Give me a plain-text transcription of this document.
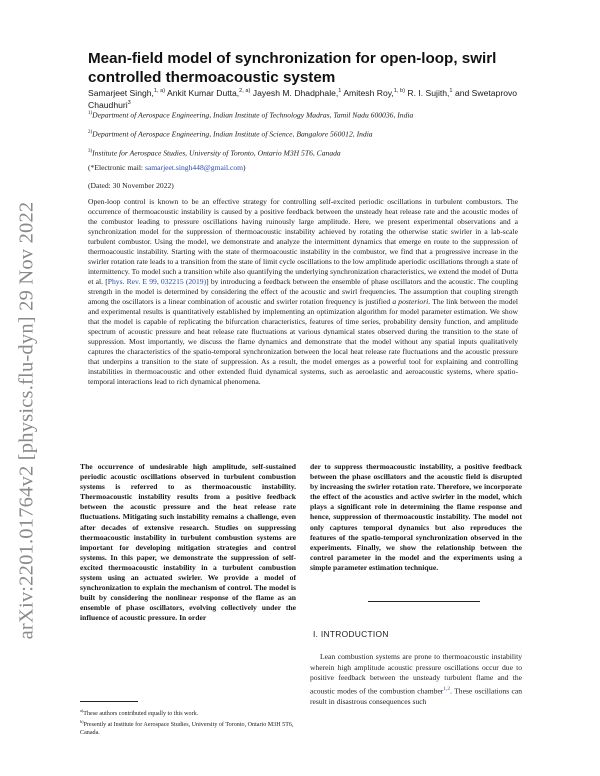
arXiv:2201.01764v2 [physics.flu-dyn] 29 Nov 2022
Mean-field model of synchronization for open-loop, swirl controlled thermoacoustic system
Samarjeet Singh,$^{1, a)}$ Ankit Kumar Dutta,$^{2, a)}$ Jayesh M. Dhadphale,$^1$ Amitesh Roy,$^{1, b)}$ R. I. Sujith,$^1$ and Swetaprovo Chaudhuri$^3$
$^{1)}$Department of Aerospace Engineering, Indian Institute of Technology Madras, Tamil Nadu 600036, India
$^{2)}$Department of Aerospace Engineering, Indian Institute of Science, Bangalore 560012, India
$^{3)}$Institute for Aerospace Studies, University of Toronto, Ontario M3H 5T6, Canada
(*Electronic mail: samarjeet.singh448@gmail.com)
(Dated: 30 November 2022)
Open-loop control is known to be an effective strategy for controlling self-excited periodic oscillations in turbulent combustors. The occurrence of thermoacoustic instability is caused by a positive feedback between the unsteady heat release rate and the acoustic modes of the combustor leading to pressure oscillations having ruinously large amplitude. Here, we present experimental observations and a synchronization model for the suppression of thermoacoustic instability achieved by rotating the otherwise static swirler in a lab-scale turbulent combustor. Using the model, we demonstrate and analyze the intermittent dynamics that emerge en route to the suppression of thermoacoustic instability. Starting with the state of thermoacoustic instability in the combustor, we find that a progressive increase in the swirler rotation rate leads to a transition from the state of limit cycle oscillations to the low amplitude aperiodic oscillations through a state of intermittency. To model such a transition while also quantifying the underlying synchronization characteristics, we extend the model of Dutta et al. [Phys. Rev. E 99, 032215 (2019)] by introducing a feedback between the ensemble of phase oscillators and the acoustic. The coupling strength in the model is determined by considering the effect of the acoustic and swirl frequencies. The assumption that coupling strength among the oscillators is a linear combination of acoustic and swirler rotation frequency is justified a posteriori. The link between the model and experimental results is quantitatively established by implementing an optimization algorithm for model parameter estimation. We show that the model is capable of replicating the bifurcation characteristics, features of time series, probability density function, and amplitude spectrum of acoustic pressure and heat release rate fluctuations at various dynamical states observed during the transition to the state of suppression. Most importantly, we discuss the flame dynamics and demonstrate that the model without any spatial inputs qualitatively captures the characteristics of the spatio-temporal synchronization between the local heat release rate fluctuations and the acoustic pressure that underpins a transition to the state of suppression. As a result, the model emerges as a powerful tool for explaining and controlling instabilities in thermoacoustic and other extended fluid dynamical systems, such as aeroelastic and aeroacoustic systems, where spatio-temporal interactions lead to rich dynamical phenomena.
The occurrence of undesirable high amplitude, self-sustained periodic acoustic oscillations observed in turbulent combustion systems is referred to as thermoacoustic instability. Thermoacoustic instability results from a positive feedback between the acoustic pressure and the heat release rate fluctuations. Mitigating such instability remains a challenge, even after decades of extensive research. Studies on suppressing thermoacoustic instability in turbulent combustion systems are important for developing mitigation strategies and control systems. In this paper, we demonstrate the suppression of self-excited thermoacoustic instability in a turbulent combustion system using an actuated swirler. We provide a model of synchronization to explain the mechanism of control. The model is built by considering the nonlinear response of the flame as an ensemble of phase oscillators, evolving collectively under the influence of acoustic pressure. In order
der to suppress thermoacoustic instability, a positive feedback between the phase oscillators and the acoustic field is disrupted by increasing the swirler rotation rate. Therefore, we incorporate the effect of the acoustics and active swirler in the model, which plays a significant role in determining the flame response and hence, suppression of thermoacoustic instability. The model not only captures temporal dynamics but also reproduces the features of the spatio-temporal synchronization observed in the experiments. Finally, we show the relationship between the control parameter in the model and the experiments using a simple parameter estimation technique.
I. INTRODUCTION
Lean combustion systems are prone to thermoacoustic instability wherein high amplitude acoustic pressure oscillations occur due to positive feedback between the unsteady turbulent flame and the acoustic modes of the combustion chamber$^{1,2}$. These oscillations can result in disastrous consequences such
$^{a)}$These authors contributed equally to this work.
$^{b)}$Presently at Institute for Aerospace Studies, University of Toronto, Ontario M3H 5T6, Canada.
